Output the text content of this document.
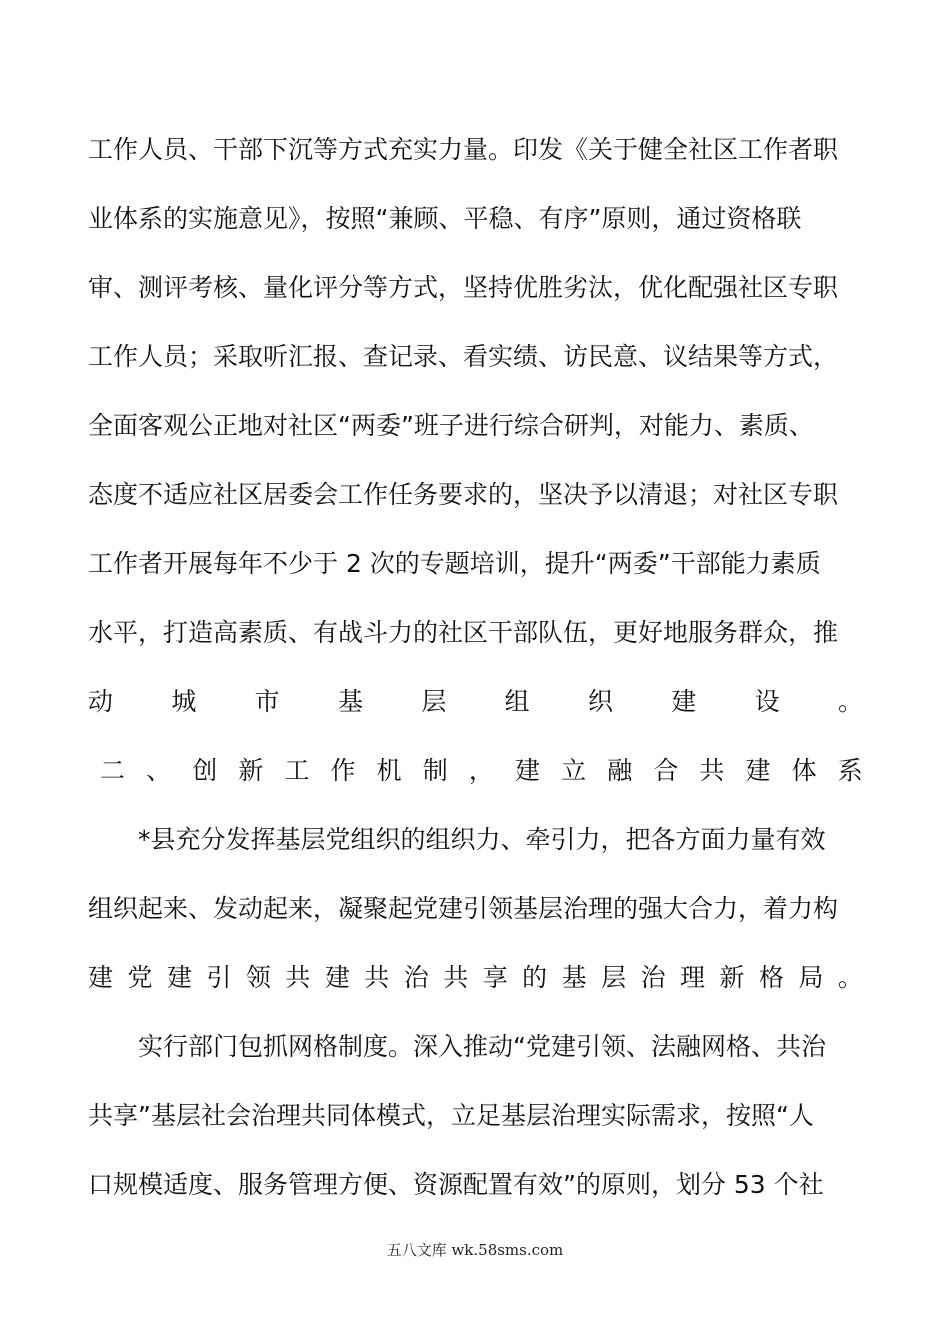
工作人员、干部下沉等方式充实力量。印发《关于健全社区工作者职
业体系的实施意见》，按照“兼顾、平稳、有序”原则，通过资格联
审、测评考核、量化评分等方式，坚持优胜劣汰，优化配强社区专职
工作人员；采取听汇报、查记录、看实绩、访民意、议结果等方式，
全面客观公正地对社区“两委”班子进行综合研判，对能力、素质、
态度不适应社区居委会工作任务要求的，坚决予以清退；对社区专职
工作者开展每年不少于 2 次的专题培训，提升“两委”干部能力素质
水平，打造高素质、有战斗力的社区干部队伍，更好地服务群众，推
动 城 市 基 层 组 织 建 设 。
二 、 创 新 工 作 机 制 ， 建 立 融 合 共 建 体 系
*县充分发挥基层党组织的组织力、牵引力，把各方面力量有效
组织起来、发动起来，凝聚起党建引领基层治理的强大合力，着力构
建 党 建 引 领 共 建 共 治 共 享 的 基 层 治 理 新 格 局 。
实行部门包抓网格制度。深入推动“党建引领、法融网格、共治
共享”基层社会治理共同体模式，立足基层治理实际需求，按照“人
口规模适度、服务管理方便、资源配置有效”的原则，划分 53 个社
五八文库 wk.58sms.com
